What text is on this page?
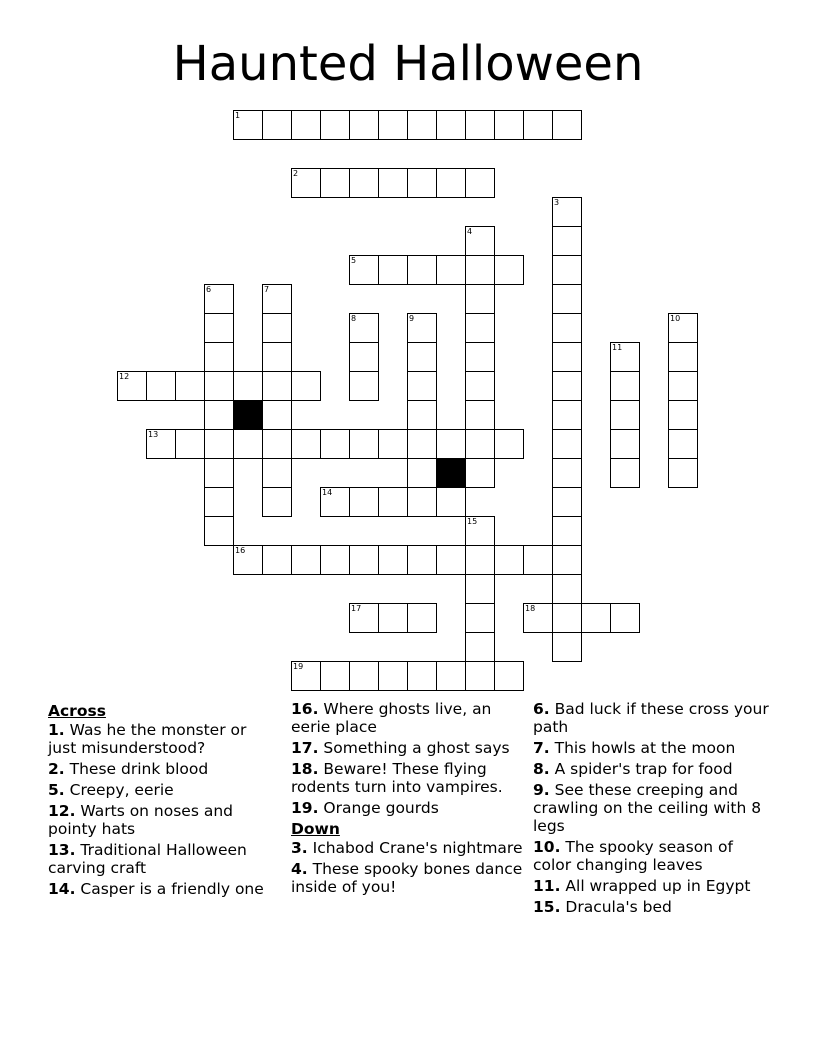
Haunted Halloween
1
2
3
4
5
6	7
8	9	10
11
12
13
14
15
16
17	18
19
Across
1. Was he the monster or just misunderstood?
2. These drink blood
5. Creepy, eerie
12. Warts on noses and pointy hats
13. Traditional Halloween carving craft
14. Casper is a friendly one
16. Where ghosts live, an eerie place
17. Something a ghost says
18. Beware! These flying rodents turn into vampires.
19. Orange gourds
Down
3. Ichabod Crane's nightmare
4. These spooky bones dance inside of you!
6. Bad luck if these cross your path
7. This howls at the moon
8. A spider's trap for food
9. See these creeping and crawling on the ceiling with 8 legs
10. The spooky season of color changing leaves
11. All wrapped up in Egypt
15. Dracula's bed
